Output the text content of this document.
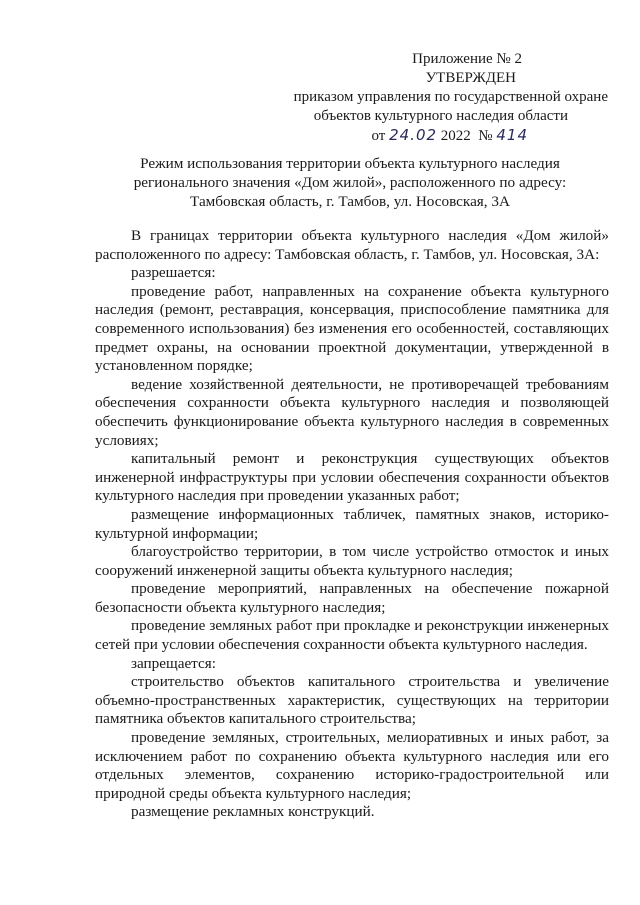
Приложение № 2
УТВЕРЖДЕН
приказом управления по государственной охране
объектов культурного наследия области
от 24.02 2022 № 414
Режим использования территории объекта культурного наследия
регионального значения «Дом жилой», расположенного по адресу:
Тамбовская область, г. Тамбов, ул. Носовская, 3А

В границах территории объекта культурного наследия «Дом жилой» расположенного по адресу: Тамбовская область, г. Тамбов, ул. Носовская, 3А:

разрешается:

проведение работ, направленных на сохранение объекта культурного наследия (ремонт, реставрация, консервация, приспособление памятника для современного использования) без изменения его особенностей, составляющих предмет охраны, на основании проектной документации, утвержденной в установленном порядке;

ведение хозяйственной деятельности, не противоречащей требованиям обеспечения сохранности объекта культурного наследия и позволяющей обеспечить функционирование объекта культурного наследия в современных условиях;

капитальный ремонт и реконструкция существующих объектов инженерной инфраструктуры при условии обеспечения сохранности объектов культурного наследия при проведении указанных работ;

размещение информационных табличек, памятных знаков, историко-культурной информации;

благоустройство территории, в том числе устройство отмосток и иных сооружений инженерной защиты объекта культурного наследия;

проведение мероприятий, направленных на обеспечение пожарной безопасности объекта культурного наследия;

проведение земляных работ при прокладке и реконструкции инженерных сетей при условии обеспечения сохранности объекта культурного наследия.

запрещается:

строительство объектов капитального строительства и увеличение объемно-пространственных характеристик, существующих на территории памятника объектов капитального строительства;

проведение земляных, строительных, мелиоративных и иных работ, за исключением работ по сохранению объекта культурного наследия или его отдельных элементов, сохранению историко-градостроительной или природной среды объекта культурного наследия;

размещение рекламных конструкций.
